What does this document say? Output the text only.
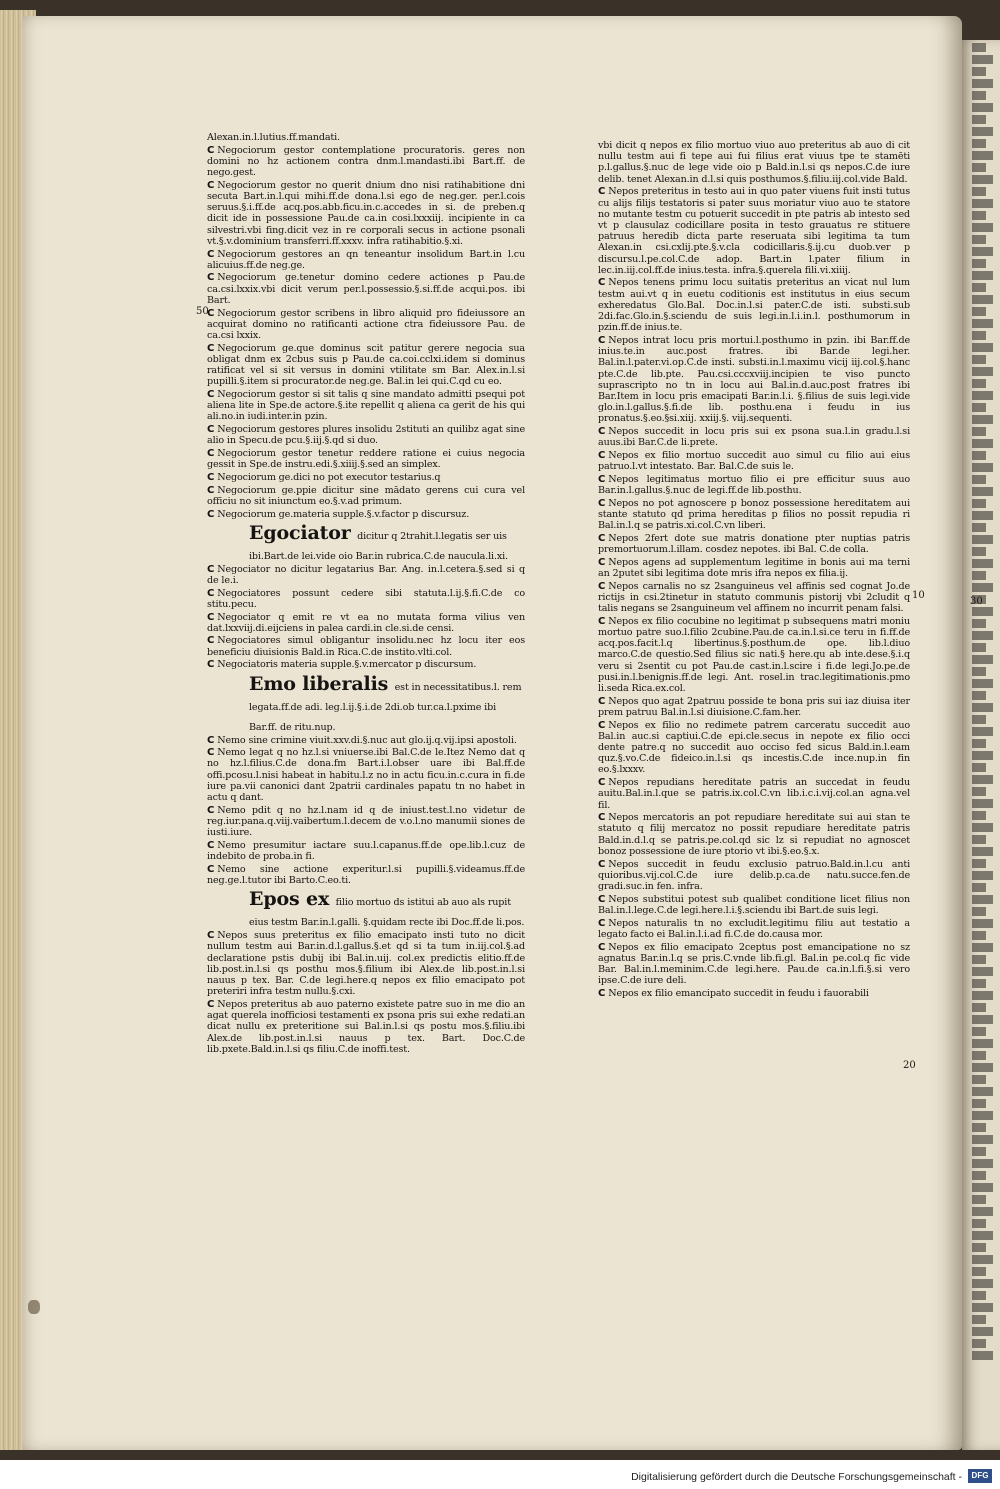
50
10
30
20
Alexan.in.l.lutius.ff.mandati.
C Negociorum gestor contemplatione procuratoris. geres non domini no hz actionem contra dnm.l.mandasti.ibi Bart.ff. de nego.gest.
C Negociorum gestor no querit dnium dno nisi ratihabitione dni secuta Bart.in.l.qui mihi.ff.de dona.l.si ego de neg.ger. per.l.cois seruus.§.i.ff.de acq.pos.abb.ficu.in.c.accedes in si. de preben.q dicit ide in possessione Pau.de ca.in cosi.lxxxiij. incipiente in ca silvestri.vbi fing.dicit vez in re corporali secus in actione psonali vt.§.v.dominium transferri.ff.xxxv. infra ratihabitio.§.xi.
C Negociorum gestores an qn teneantur insolidum Bart.in l.cu alicuius.ff.de neg.ge.
C Negociorum ge.tenetur domino cedere actiones p Pau.de ca.csi.lxxix.vbi dicit verum per.l.possessio.§.si.ff.de acqui.pos. ibi Bart.
C Negociorum gestor scribens in libro aliquid pro fideiussore an acquirat domino no ratificanti actione ctra fideiussore Pau. de ca.csi lxxix.
C Negociorum ge.que dominus scit patitur gerere negocia sua obligat dnm ex 2cbus suis p Pau.de ca.coi.cclxi.idem si dominus ratificat vel si sit versus in domini vtilitate sm Bar. Alex.in.l.si pupilli.§.item si procurator.de neg.ge. Bal.in lei qui.C.qd cu eo.
C Negociorum gestor si sit talis q sine mandato admitti psequi pot aliena lite in Spe.de actore.§.ite repellit q aliena ca gerit de his qui ali.no.in iudi.inter.in pzin.
C Negociorum gestores plures insolidu 2stituti an quilibz agat sine alio in Specu.de pcu.§.iij.§.qd si duo.
C Negociorum gestor tenetur reddere ratione ei cuius negocia gessit in Spe.de instru.edi.§.xiiij.§.sed an simplex.
C Negociorum ge.dici no pot executor testarius.q
C Negociorum ge.ppie dicitur sine mādato gerens cui cura vel officiu no sit iniunctum eo.§.v.ad primum.
C Negociorum ge.materia supple.§.v.factor p discursuz.
Egociator dicitur q 2trahit.l.legatis ser uis ibi.Bart.de lei.vide oio Bar.in rubrica.C.de naucula.li.xi.
C Negociator no dicitur legatarius Bar. Ang. in.l.cetera.§.sed si q de le.i.
C Negociatores possunt cedere sibi statuta.l.ij.§.fi.C.de co stitu.pecu.
C Negociator q emit re vt ea no mutata forma vilius ven dat.lxxviij.di.eijciens in palea cardi.in cle.si.de censi.
C Negociatores simul obligantur insolidu.nec hz locu iter eos beneficiu diuisionis Bald.in Rica.C.de instito.vlti.col.
C Negociatoris materia supple.§.v.mercator p discursum.
Emo liberalis est in necessitatibus.l. rem legata.ff.de adi. leg.l.ij.§.i.de 2di.ob tur.ca.l.pxime ibi Bar.ff. de ritu.nup.
C Nemo sine crimine viuit.xxv.di.§.nuc aut glo.ij.q.vij.ipsi apostoli.
C Nemo legat q no hz.l.si vniuerse.ibi Bal.C.de le.Itez Nemo dat q no hz.l.filius.C.de dona.fm Bart.i.l.obser uare ibi Bal.ff.de offi.pcosu.l.nisi habeat in habitu.l.z no in actu ficu.in.c.cura in fi.de iure pa.vii canonici dant 2patrii cardinales papatu tn no habet in actu q dant.
C Nemo pdit q no hz.l.nam id q de iniust.test.l.no videtur de reg.iur.pana.q.viij.vaibertum.l.decem de v.o.l.no manumii siones de iusti.iure.
C Nemo presumitur iactare suu.l.capanus.ff.de ope.lib.l.cuz de indebito de proba.in fi.
C Nemo sine actione experitur.l.si pupilli.§.videamus.ff.de neg.ge.l.tutor ibi Barto.C.eo.ti.
Epos ex filio mortuo ds istitui ab auo als rupit eius testm Bar.in.l.galli. §.quidam recte ibi Doc.ff.de li.pos.
C Nepos suus preteritus ex filio emacipato insti tuto no dicit nullum testm aui Bar.in.d.l.gallus.§.et qd si ta tum in.iij.col.§.ad declaratione pstis dubij ibi Bal.in.uij. col.ex predictis elitio.ff.de lib.post.in.l.si qs posthu mos.§.filium ibi Alex.de lib.post.in.l.si nauus p tex. Bar. C.de legi.here.q nepos ex filio emacipato pot preteriri infra testm nullu.§.cxi.
C Nepos preteritus ab auo paterno existete patre suo in me dio an agat querela inofficiosi testamenti ex psona pris sui exhe redati.an dicat nullu ex preteritione sui Bal.in.l.si qs postu mos.§.filiu.ibi Alex.de lib.post.in.l.si nauus p tex. Bart. Doc.C.de lib.pxete.Bald.in.l.si qs filiu.C.de inoffi.test.
vbi dicit q nepos ex filio mortuo viuo auo preteritus ab auo di cit nullu testm aui fi tepe aui fui filius erat viuus tpe te stamēti p.l.gallus.§.nuc de lege vide oio p Bald.in.l.si qs nepos.C.de iure delib. tenet Alexan.in d.l.si quis posthumos.§.filiu.iij.col.vide Bald.
C Nepos preteritus in testo aui in quo pater viuens fuit insti tutus cu alijs filijs testatoris si pater suus moriatur viuo auo te statore no mutante testm cu potuerit succedit in pte patris ab intesto sed vt p clausulaz codicillare posita in testo grauatus re stituere patruus heredib dicta parte reseruata sibi legitima ta tum Alexan.in csi.cxlij.pte.§.v.cla codicillaris.§.ij.cu duob.ver p discursu.l.pe.col.C.de adop. Bart.in l.pater filium in lec.in.iij.col.ff.de inius.testa. infra.§.querela fili.vi.xiiij.
C Nepos tenens primu locu suitatis preteritus an vicat nul lum testm aui.vt q in euetu coditionis est institutus in eius secum exheredatus Glo.Bal. Doc.in.l.si pater.C.de isti. substi.sub 2di.fac.Glo.in.§.sciendu de suis legi.in.l.i.in.l. posthumorum in pzin.ff.de inius.te.
C Nepos intrat locu pris mortui.l.posthumo in pzin. ibi Bar.ff.de inius.te.in auc.post fratres. ibi Bar.de legi.her. Bal.in.l.pater.vi.op.C.de insti. substi.in.l.maximu vicij iij.col.§.hanc pte.C.de lib.pte. Pau.csi.cccxviij.incipien te viso puncto suprascripto no tn in locu aui Bal.in.d.auc.post fratres ibi Bar.Item in locu pris emacipati Bar.in.l.i. §.filius de suis legi.vide glo.in.l.gallus.§.fi.de lib. posthu.ena i feudu in ius pronatus.§.eo.§si.xiij. xxiij.§. viij.sequenti.
C Nepos succedit in locu pris sui ex psona sua.l.in gradu.l.si auus.ibi Bar.C.de li.prete.
C Nepos ex filio mortuo succedit auo simul cu filio aui eius patruo.l.vt intestato. Bar. Bal.C.de suis le.
C Nepos legitimatus mortuo filio ei pre efficitur suus auo Bar.in.l.gallus.§.nuc de legi.ff.de lib.posthu.
C Nepos no pot agnoscere p bonoz possessione hereditatem aui stante statuto qd prima hereditas p filios no possit repudia ri Bal.in.l.q se patris.xi.col.C.vn liberi.
C Nepos 2fert dote sue matris donatione pter nuptias patris premortuorum.l.illam. cosdez nepotes. ibi Bal. C.de colla.
C Nepos agens ad supplementum legitime in bonis aui ma terni an 2putet sibi legitima dote mris ifra nepos ex filia.ij.
C Nepos carnalis no sz 2sanguineus vel affinis sed cognat Jo.de rictijs in csi.2tinetur in statuto communis pistorij vbi 2cludit q talis negans se 2sanguineum vel affinem no incurrit penam falsi.
C Nepos ex filio cocubine no legitimat p subsequens matri moniu mortuo patre suo.l.filio 2cubine.Pau.de ca.in.l.si.ce teru in fi.ff.de acq.pos.facit.l.q libertinus.§.posthum.de ope. lib.l.diuo marco.C.de questio.Sed filius sic nati.§ here.qu ab inte.dese.§.i.q veru si 2sentit cu pot Pau.de cast.in.l.scire i fi.de legi.Jo.pe.de pusi.in.l.benignis.ff.de legi. Ant. rosel.in trac.legitimationis.pmo li.seda Rica.ex.col.
C Nepos quo agat 2patruu posside te bona pris sui iaz diuisa iter prem patruu Bal.in.l.si diuisione.C.fam.her.
C Nepos ex filio no redimete patrem carceratu succedit auo Bal.in auc.si captiui.C.de epi.cle.secus in nepote ex filio occi dente patre.q no succedit auo occiso fed sicus Bald.in.l.eam quz.§.vo.C.de fideico.in.l.si qs incestis.C.de ince.nup.in fin eo.§.lxxxv.
C Nepos repudians hereditate patris an succedat in feudu auitu.Bal.in.l.que se patris.ix.col.C.vn lib.i.c.i.vij.col.an agna.vel fil.
C Nepos mercatoris an pot repudiare hereditate sui aui stan te statuto q filij mercatoz no possit repudiare hereditate patris Bald.in.d.l.q se patris.pe.col.qd sic lz si repudiat no agnoscet bonoz possessione de iure ptorio vt ibi.§.eo.§.x.
C Nepos succedit in feudu exclusio patruo.Bald.in.l.cu anti quioribus.vij.col.C.de iure delib.p.ca.de natu.succe.fen.de gradi.suc.in fen. infra.
C Nepos substitui potest sub qualibet conditione licet filius non Bal.in.l.lege.C.de legi.here.l.i.§.sciendu ibi Bart.de suis legi.
C Nepos naturalis tn no excludit.legitimu filiu aut testatio a legato facto ei Bal.in.l.i.ad fi.C.de do.causa mor.
C Nepos ex filio emacipato 2ceptus post emancipatione no sz agnatus Bar.in.l.q se pris.C.vnde lib.fi.gl. Bal.in pe.col.q fic vide Bar. Bal.in.l.meminim.C.de legi.here. Pau.de ca.in.l.fi.§.si vero ipse.C.de iure deli.
C Nepos ex filio emancipato succedit in feudu i fauorabili
Digitalisierung gefördert durch die Deutsche Forschungsgemeinschaft -	DFG
